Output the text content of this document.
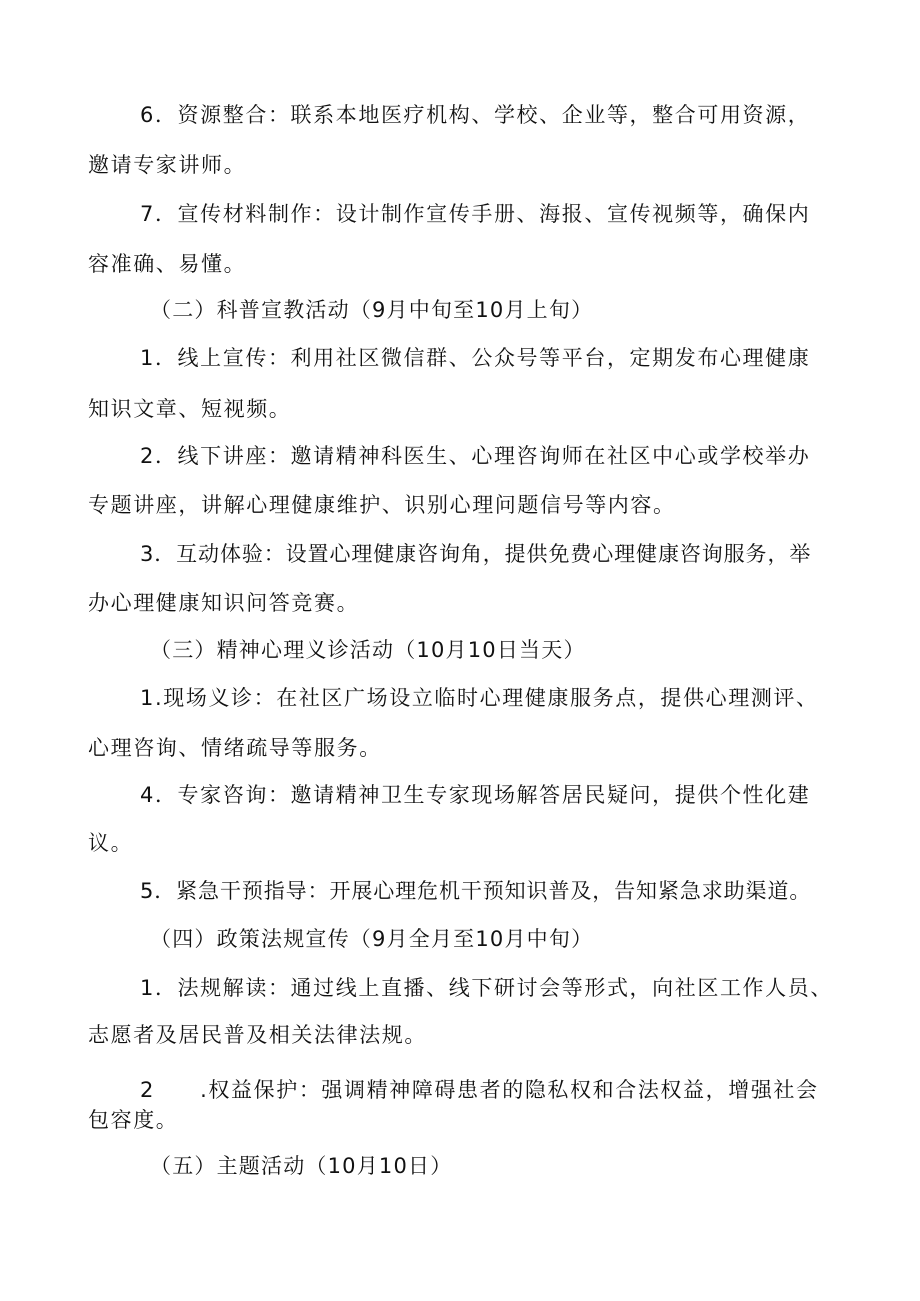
6．资源整合：联系本地医疗机构、学校、企业等，整合可用资源，
邀请专家讲师。
7．宣传材料制作：设计制作宣传手册、海报、宣传视频等，确保内
容准确、易懂。
（二）科普宣教活动（9月中旬至10月上旬）
1．线上宣传：利用社区微信群、公众号等平台，定期发布心理健康
知识文章、短视频。
2．线下讲座：邀请精神科医生、心理咨询师在社区中心或学校举办
专题讲座，讲解心理健康维护、识别心理问题信号等内容。
3．互动体验：设置心理健康咨询角，提供免费心理健康咨询服务，举
办心理健康知识问答竞赛。
（三）精神心理义诊活动（10月10日当天）
1.现场义诊：在社区广场设立临时心理健康服务点，提供心理测评、
心理咨询、情绪疏导等服务。
4．专家咨询：邀请精神卫生专家现场解答居民疑问，提供个性化建
议。
5．紧急干预指导：开展心理危机干预知识普及，告知紧急求助渠道。
（四）政策法规宣传（9月全月至10月中旬）
1．法规解读：通过线上直播、线下研讨会等形式，向社区工作人员、
志愿者及居民普及相关法律法规。
2　　.权益保护：强调精神障碍患者的隐私权和合法权益，增强社会
包容度。
（五）主题活动（10月10日）
